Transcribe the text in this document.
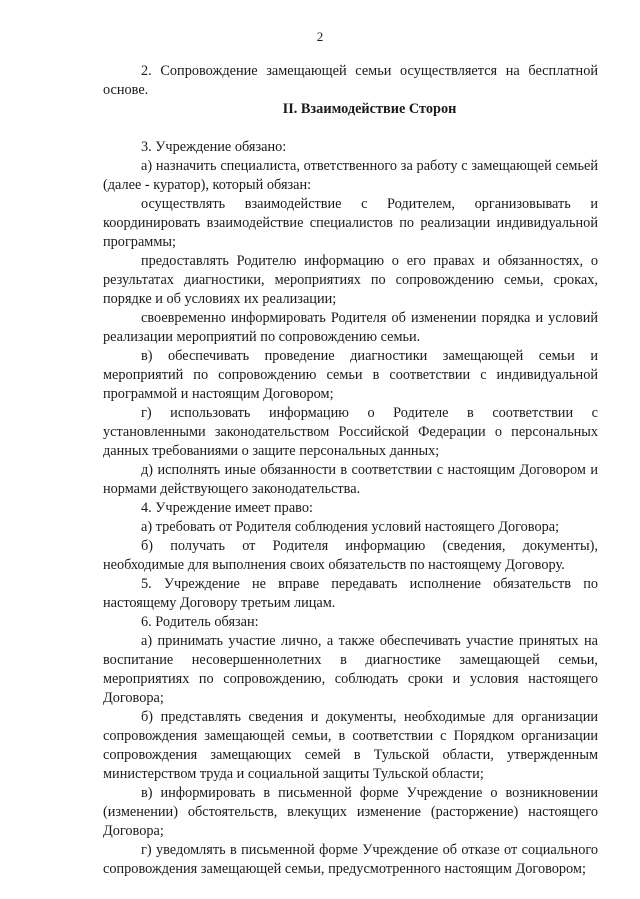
2

2. Сопровождение замещающей семьи осуществляется на бесплатной основе.

II. Взаимодействие Сторон

3. Учреждение обязано:

а) назначить специалиста, ответственного за работу с замещающей семьей (далее - куратор), который обязан:

осуществлять взаимодействие с Родителем, организовывать и координировать взаимодействие специалистов по реализации индивидуальной программы;

предоставлять Родителю информацию о его правах и обязанностях, о результатах диагностики, мероприятиях по сопровождению семьи, сроках, порядке и об условиях их реализации;

своевременно информировать Родителя об изменении порядка и условий реализации мероприятий по сопровождению семьи.

в) обеспечивать проведение диагностики замещающей семьи и мероприятий по сопровождению семьи в соответствии с индивидуальной программой и настоящим Договором;

г) использовать информацию о Родителе в соответствии с установленными законодательством Российской Федерации о персональных данных требованиями о защите персональных данных;

д) исполнять иные обязанности в соответствии с настоящим Договором и нормами действующего законодательства.

4. Учреждение имеет право:

а) требовать от Родителя соблюдения условий настоящего Договора;

б) получать от Родителя информацию (сведения, документы), необходимые для выполнения своих обязательств по настоящему Договору.

5. Учреждение не вправе передавать исполнение обязательств по настоящему Договору третьим лицам.

6. Родитель обязан:

а) принимать участие лично, а также обеспечивать участие принятых на воспитание несовершеннолетних в диагностике замещающей семьи, мероприятиях по сопровождению, соблюдать сроки и условия настоящего Договора;

б) представлять сведения и документы, необходимые для организации сопровождения замещающей семьи, в соответствии с Порядком организации сопровождения замещающих семей в Тульской области, утвержденным министерством труда и социальной защиты Тульской области;

в) информировать в письменной форме Учреждение о возникновении (изменении) обстоятельств, влекущих изменение (расторжение) настоящего Договора;

г) уведомлять в письменной форме Учреждение об отказе от социального сопровождения замещающей семьи, предусмотренного настоящим Договором;
